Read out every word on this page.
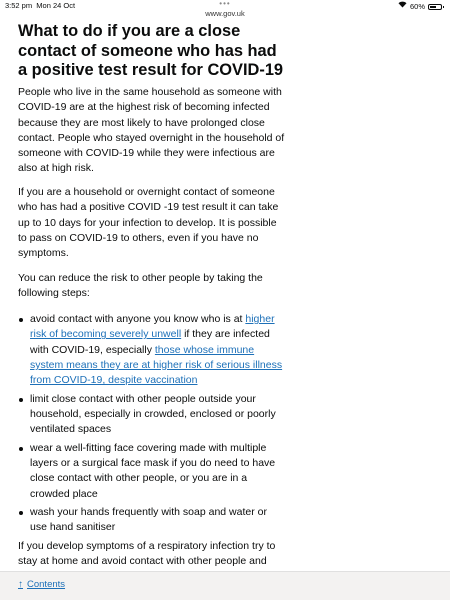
3:52 pm Mon 24 Oct	•••
www.gov.uk
60%
What to do if you are a close contact of someone who has had a positive test result for COVID-19

People who live in the same household as someone with COVID-19 are at the highest risk of becoming infected because they are most likely to have prolonged close contact. People who stayed overnight in the household of someone with COVID-19 while they were infectious are also at high risk.

If you are a household or overnight contact of someone who has had a positive COVID -19 test result it can take up to 10 days for your infection to develop. It is possible to pass on COVID-19 to others, even if you have no symptoms.

You can reduce the risk to other people by taking the following steps:

avoid contact with anyone you know who is at higher risk of becoming severely unwell if they are infected with COVID-19, especially those whose immune system means they are at higher risk of serious illness from COVID-19, despite vaccination
limit close contact with other people outside your household, especially in crowded, enclosed or poorly ventilated spaces
wear a well-fitting face covering made with multiple layers or a surgical face mask if you do need to have close contact with other people, or you are in a crowded place
wash your hands frequently with soap and water or use hand sanitiser

If you develop symptoms of a respiratory infection try to stay at home and avoid contact with other people and

↑ Contents
